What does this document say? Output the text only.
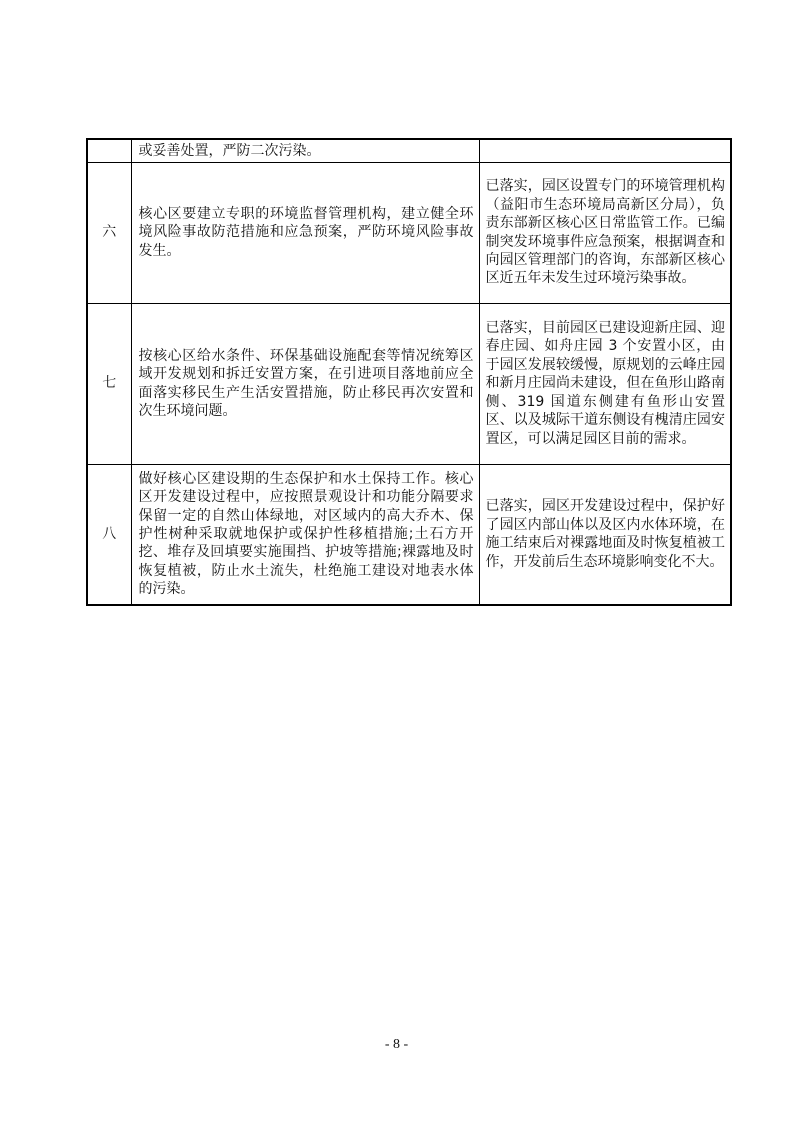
	或妥善处置，严防二次污染。	

六	核心区要建立专职的环境监督管理机构，建立健全环境风险事故防范措施和应急预案，严防环境风险事故发生。	已落实，园区设置专门的环境管理机构（益阳市生态环境局高新区分局），负责东部新区核心区日常监管工作。已编制突发环境事件应急预案，根据调查和向园区管理部门的咨询，东部新区核心区近五年未发生过环境污染事故。

七	按核心区给水条件、环保基础设施配套等情况统筹区域开发规划和拆迁安置方案，在引进项目落地前应全面落实移民生产生活安置措施，防止移民再次安置和次生环境问题。	已落实，目前园区已建设迎新庄园、迎春庄园、如舟庄园 3 个安置小区，由于园区发展较缓慢，原规划的云峰庄园和新月庄园尚未建设，但在鱼形山路南侧、319 国道东侧建有鱼形山安置区、以及城际干道东侧设有槐清庄园安置区，可以满足园区目前的需求。

八	做好核心区建设期的生态保护和水土保持工作。核心区开发建设过程中，应按照景观设计和功能分隔要求保留一定的自然山体绿地，对区域内的高大乔木、保护性树种采取就地保护或保护性移植措施;土石方开挖、堆存及回填要实施围挡、护坡等措施;裸露地及时恢复植被，防止水土流失，杜绝施工建设对地表水体的污染。	已落实，园区开发建设过程中，保护好了园区内部山体以及区内水体环境，在施工结束后对裸露地面及时恢复植被工作，开发前后生态环境影响变化不大。
- 8 -
